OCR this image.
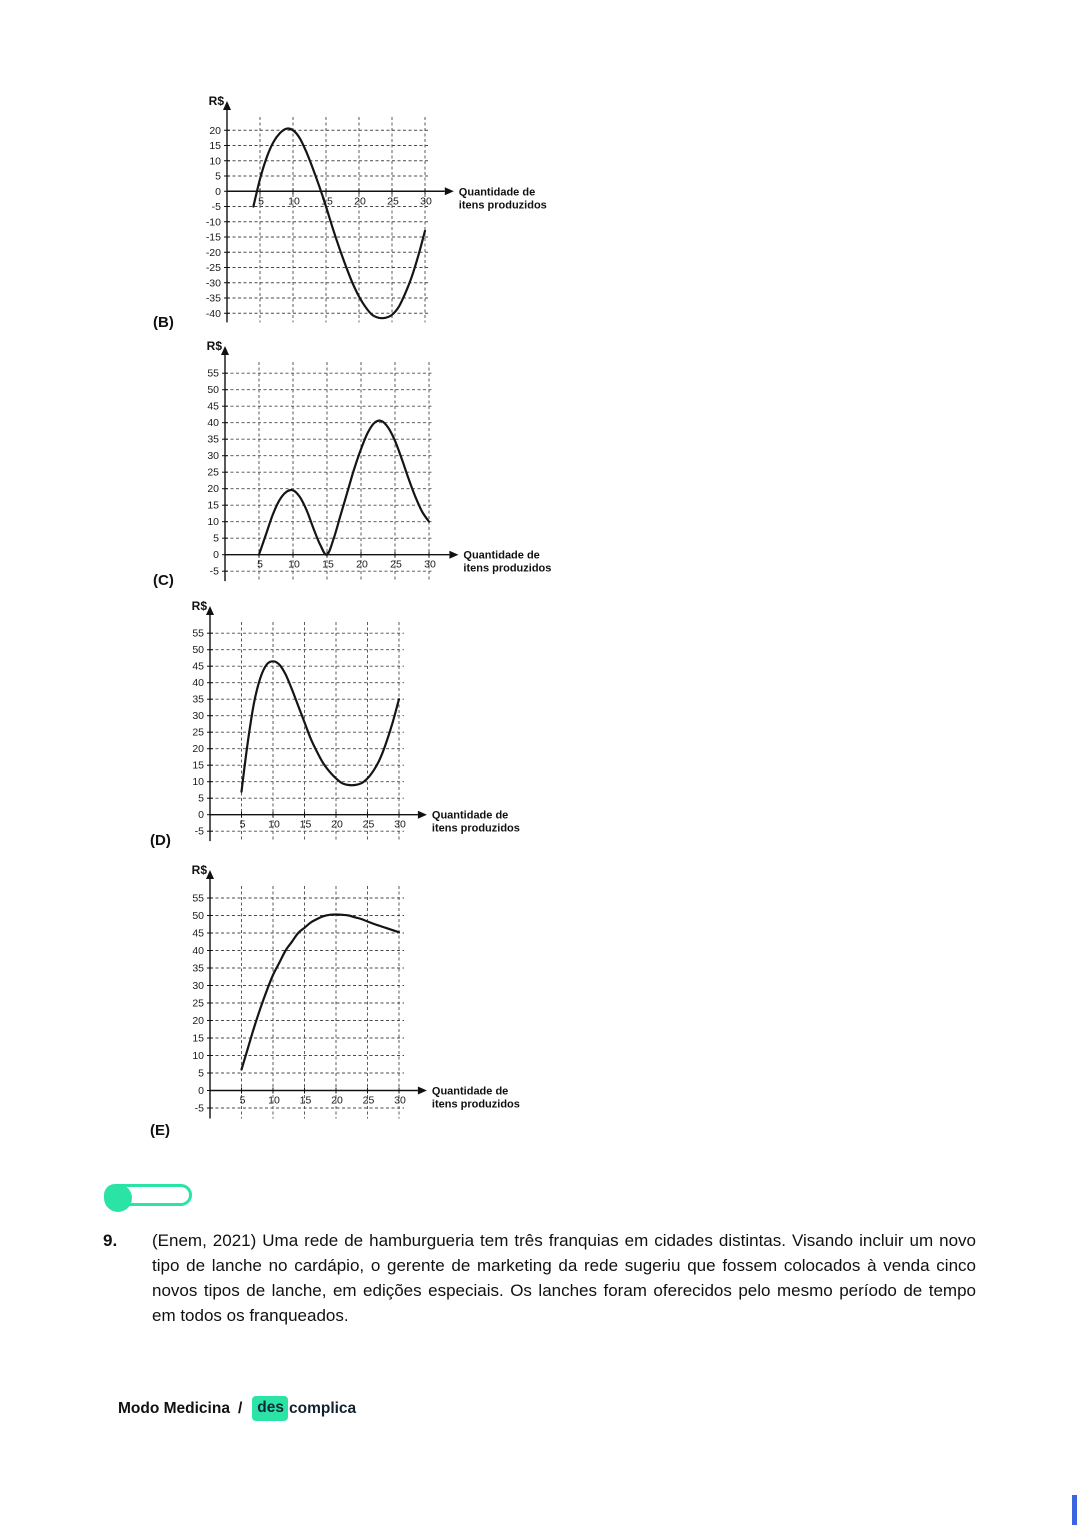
20
15
10
5
0
-5
-10
-15
-20
-25
-30
-35
-40
5 10 15 20 25 30
R$
Quantidade de itens produzidos
(B)
55
50
45
40
35
30
25
20
15
10
5
0
-5
5 10 15 20 25 30
R$
Quantidade de itens produzidos
(C)
55
50
45
40
35
30
25
20
15
10
5
0
-5
5 10 15 20 25 30
R$
Quantidade de itens produzidos
(D)
55
50
45
40
35
30
25
20
15
10
5
0
-5
5 10 15 20 25 30
R$
Quantidade de itens produzidos
(E)
9.	(Enem, 2021) Uma rede de hamburgueria tem três franquias em cidades distintas. Visando incluir um novo tipo de lanche no cardápio, o gerente de marketing da rede sugeriu que fossem colocados à venda cinco novos tipos de lanche, em edições especiais. Os lanches foram oferecidos pelo mesmo período de tempo em todos os franqueados.
Modo Medicina / des complica
